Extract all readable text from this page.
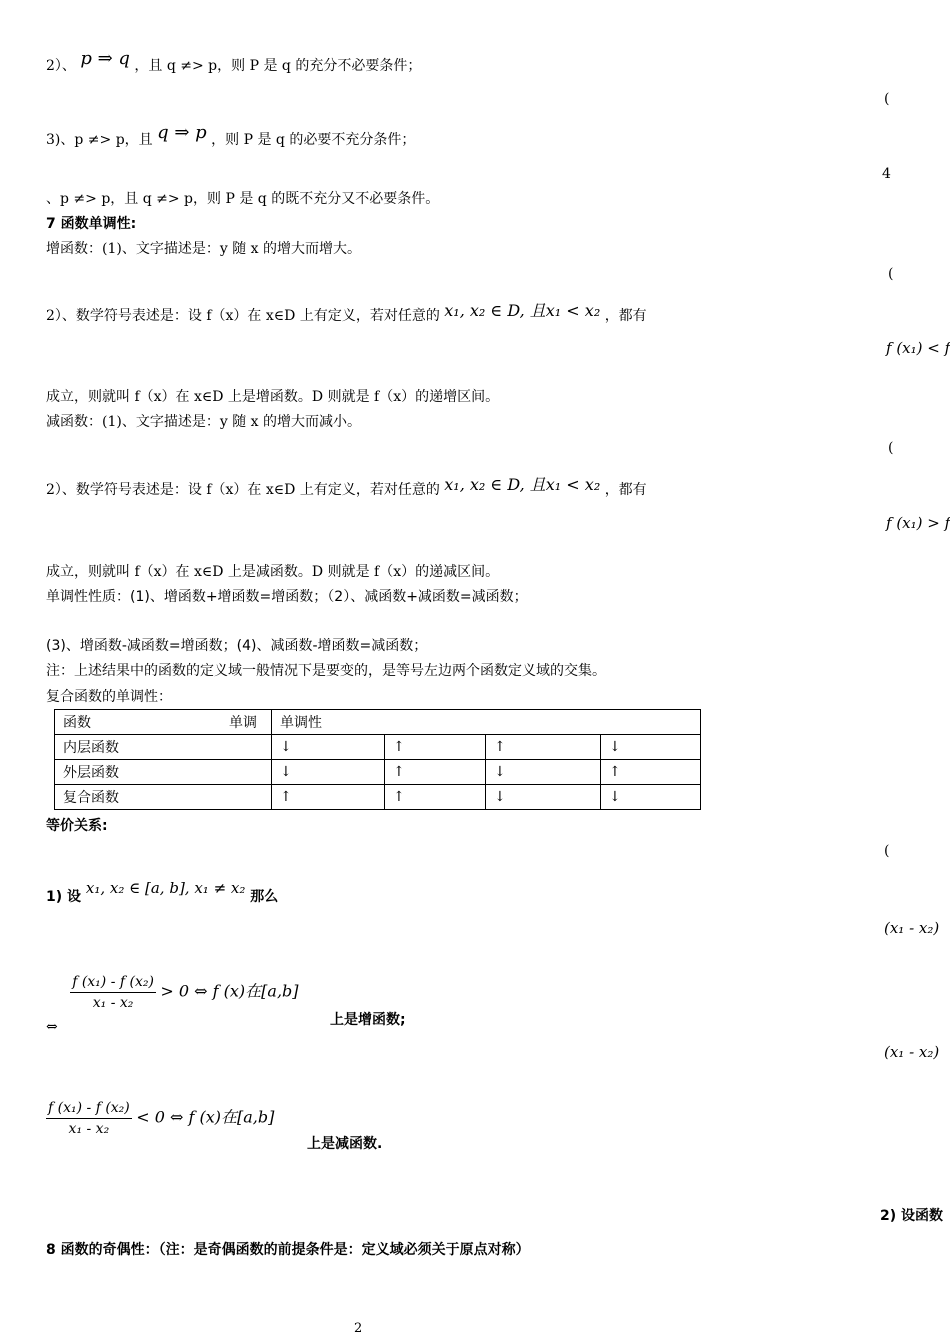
2）、 p ⇒ q ，且 q ≠> p，则 P 是 q 的充分不必要条件；
3)、p ≠> p，且 q ⇒ p ，则 P 是 q 的必要不充分条件；
、p ≠> p，且 q ≠> p，则 P 是 q 的既不充分又不必要条件。
7 函数单调性:
增函数：(1)、文字描述是：y 随 x 的增大而增大。
2）、数学符号表述是：设 f（x）在 x∈D 上有定义，若对任意的 x₁, x₂ ∈ D, 且x₁ < x₂ ，都有
成立，则就叫 f（x）在 x∈D 上是增函数。D 则就是 f（x）的递增区间。
减函数：(1)、文字描述是：y 随 x 的增大而减小。
2）、数学符号表述是：设 f（x）在 x∈D 上有定义，若对任意的 x₁, x₂ ∈ D, 且x₁ < x₂ ，都有
成立，则就叫 f（x）在 x∈D 上是减函数。D 则就是 f（x）的递减区间。
单调性性质：(1)、增函数+增函数=增函数；（2）、减函数+减函数=减函数；
(3)、增函数-减函数=增函数；(4)、减函数-增函数=减函数；
注：上述结果中的函数的定义域一般情况下是要变的，是等号左边两个函数定义域的交集。
复合函数的单调性：
函数 单调	单调性			
内层函数	↓	↑	↑	↓
外层函数	↓	↑	↓	↑
复合函数	↑	↑	↓	↓
等价关系:
1) 设 x₁, x₂ ∈ [a, b], x₁ ≠ x₂ 那么
⇔
$\frac{\text{f (x₁) - f (x₂)}}{\text{x₁ - x₂}} > 0$ ⇔ f (x)在[a,b]
上是增函数;
$\frac{\text{f (x₁) - f (x₂)}}{\text{x₁ - x₂}} < 0$ ⇔ f (x)在[a,b]
上是减函数.
8 函数的奇偶性：（注：是奇偶函数的前提条件是：定义域必须关于原点对称）
(
4
(
f (x₁) < f
(
f (x₁) > f
(
(x₁ - x₂)
(x₁ - x₂)
2) 设函数
2
